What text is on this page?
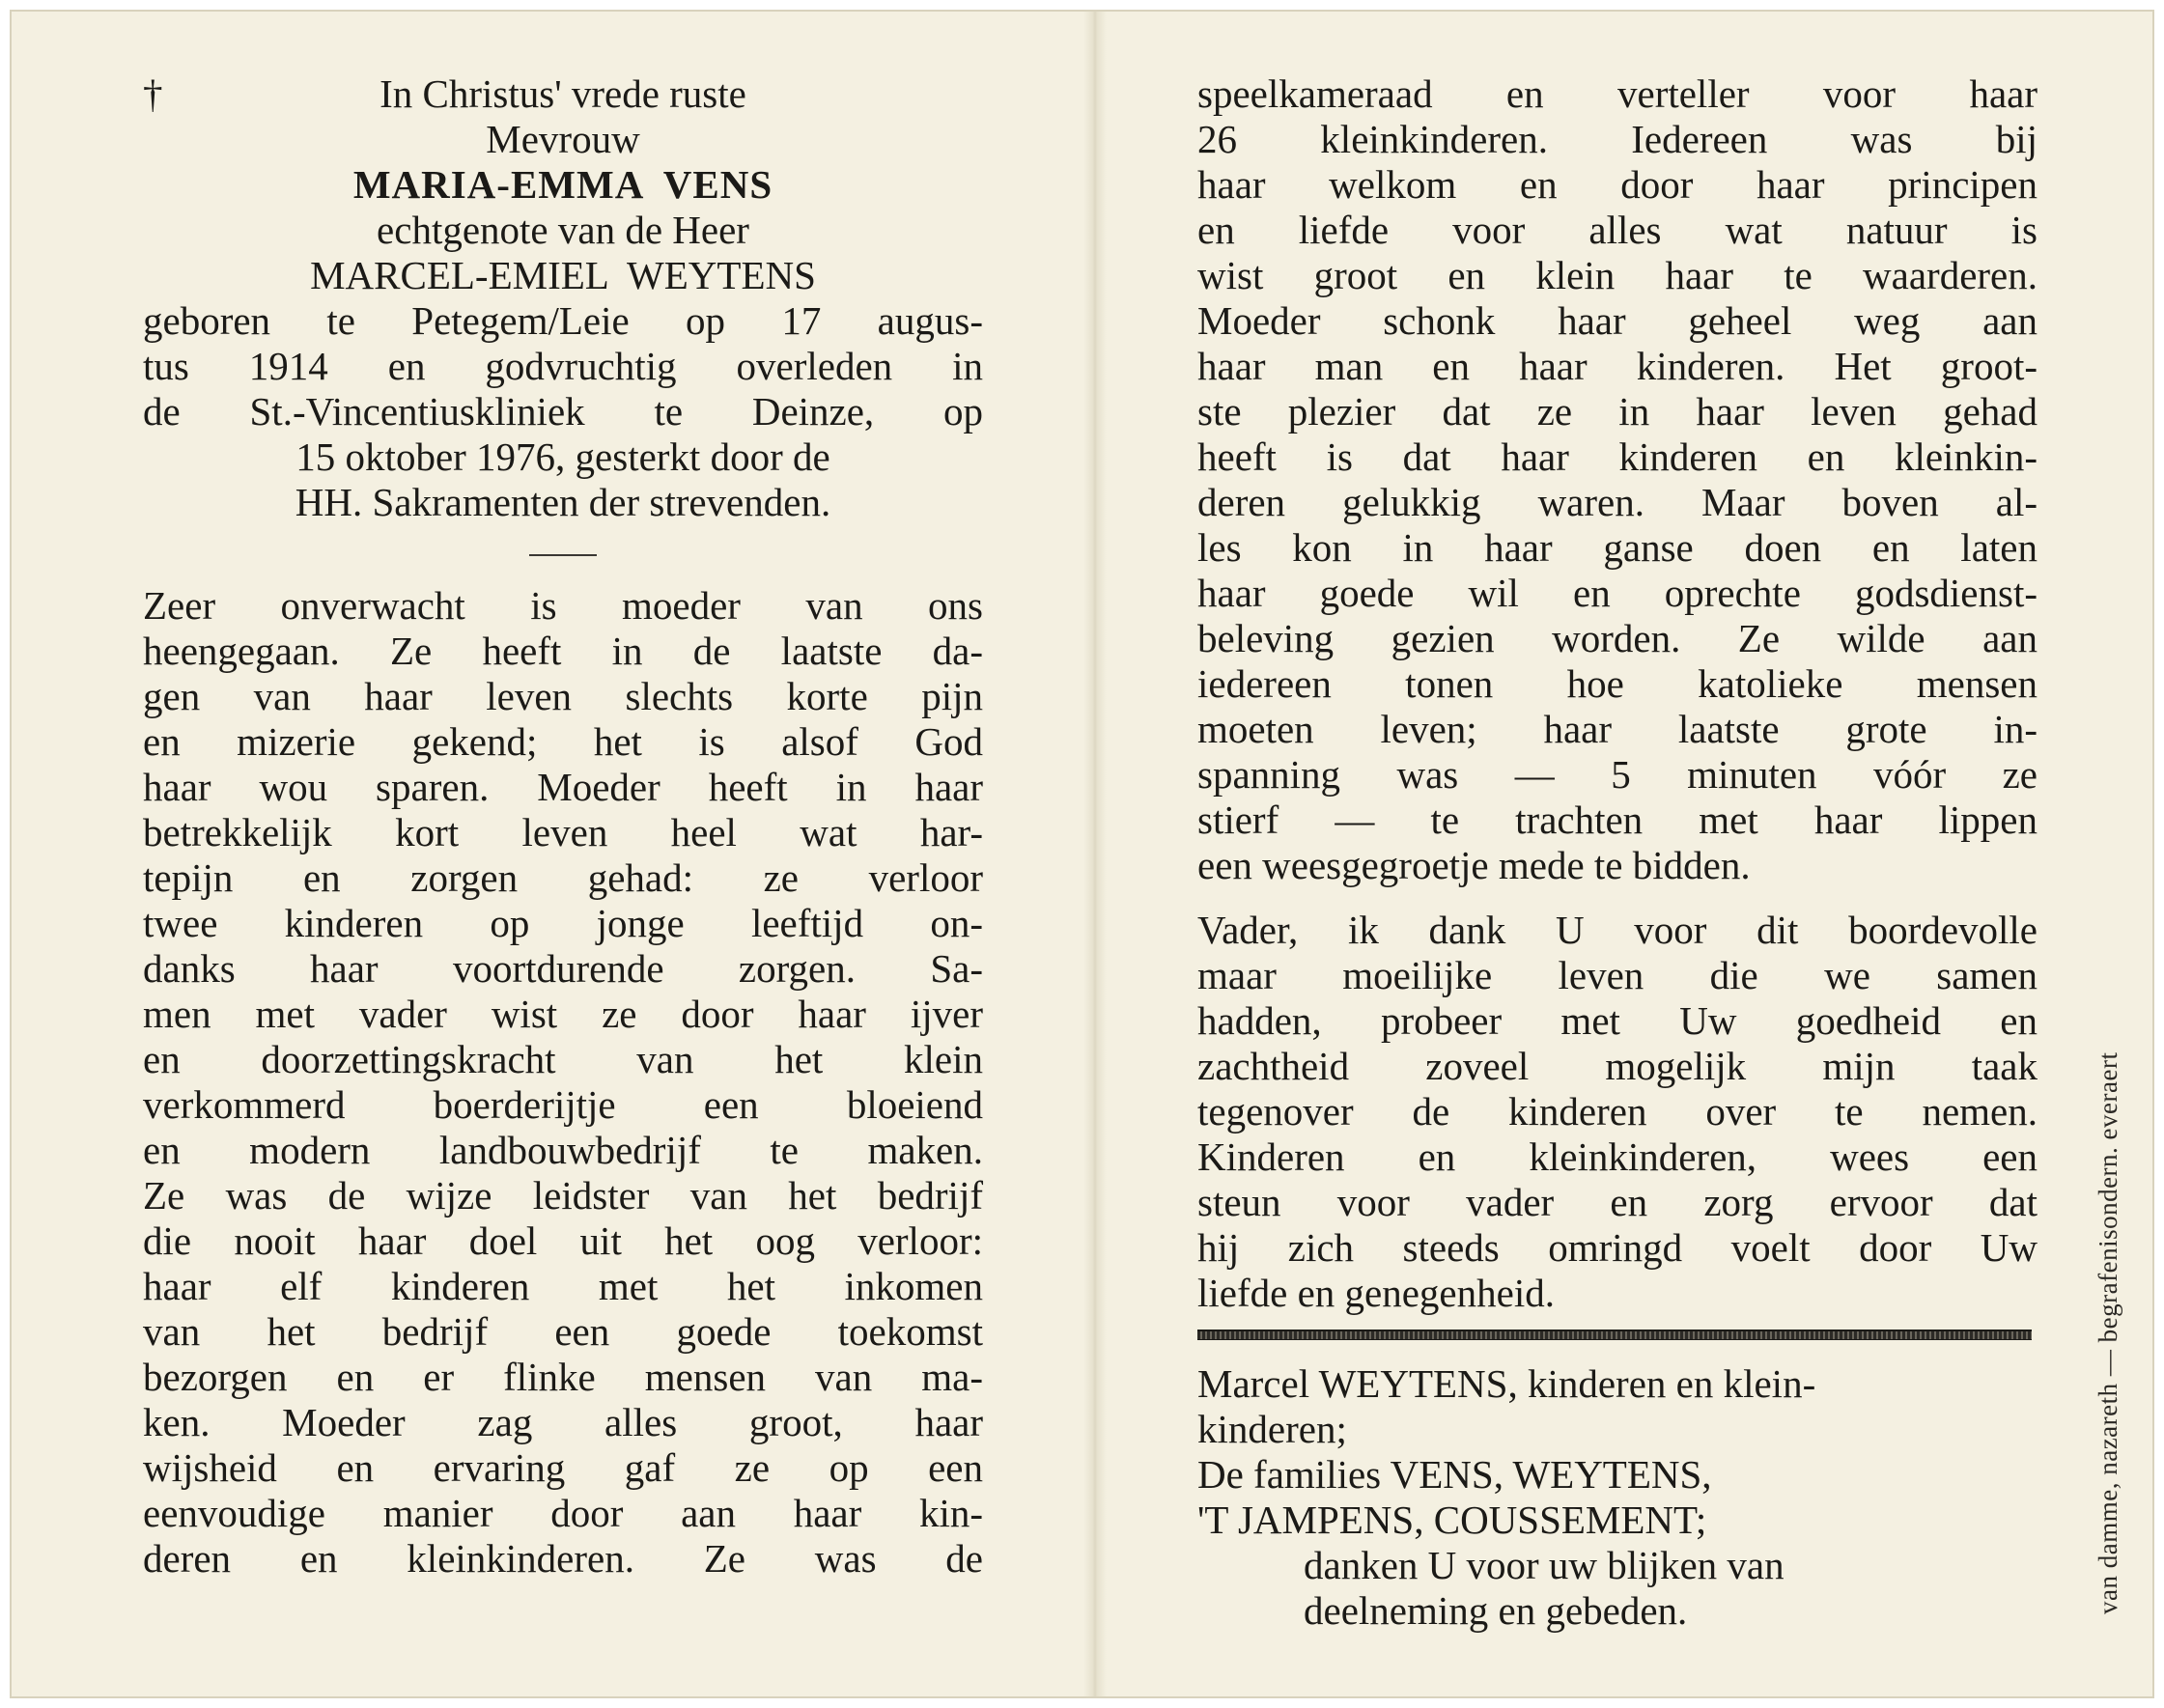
†	In Christus' vrede ruste
Mevrouw
MARIA-EMMA  VENS
echtgenote van de Heer
MARCEL-EMIEL  WEYTENS

geboren te Petegem/Leie op 17 augus-

tus 1914 en godvruchtig overleden in

de St.-Vincentiuskliniek te Deinze, op

15 oktober 1976, gesterkt door de

HH. Sakramenten der strevenden.

Zeer onverwacht is moeder van ons

heengegaan. Ze heeft in de laatste da-

gen van haar leven slechts korte pijn

en mizerie gekend; het is alsof God

haar wou sparen. Moeder heeft in haar

betrekkelijk kort leven heel wat har-

tepijn en zorgen gehad: ze verloor

twee kinderen op jonge leeftijd on-

danks haar voortdurende zorgen. Sa-

men met vader wist ze door haar ijver

en doorzettingskracht van het klein

verkommerd boerderijtje een bloeiend

en modern landbouwbedrijf te maken.

Ze was de wijze leidster van het bedrijf

die nooit haar doel uit het oog verloor:

haar elf kinderen met het inkomen

van het bedrijf een goede toekomst

bezorgen en er flinke mensen van ma-

ken. Moeder zag alles groot, haar

wijsheid en ervaring gaf ze op een

eenvoudige manier door aan haar kin-

deren en kleinkinderen. Ze was de

speelkameraad en verteller voor haar

26 kleinkinderen. Iedereen was bij

haar welkom en door haar principen

en liefde voor alles wat natuur is

wist groot en klein haar te waarderen.

Moeder schonk haar geheel weg aan

haar man en haar kinderen. Het groot-

ste plezier dat ze in haar leven gehad

heeft is dat haar kinderen en kleinkin-

deren gelukkig waren. Maar boven al-

les kon in haar ganse doen en laten

haar goede wil en oprechte godsdienst-

beleving gezien worden. Ze wilde aan

iedereen tonen hoe katolieke mensen

moeten leven; haar laatste grote in-

spanning was — 5 minuten vóór ze

stierf — te trachten met haar lippen

een weesgegroetje mede te bidden.

Vader, ik dank U voor dit boordevolle

maar moeilijke leven die we samen

hadden, probeer met Uw goedheid en

zachtheid zoveel mogelijk mijn taak

tegenover de kinderen over te nemen.

Kinderen en kleinkinderen, wees een

steun voor vader en zorg ervoor dat

hij zich steeds omringd voelt door Uw

liefde en genegenheid.

Marcel WEYTENS, kinderen en klein-

kinderen;

De families VENS, WEYTENS,

'T JAMPENS, COUSSEMENT;

danken U voor uw blijken van

deelneming en gebeden.	van damme, nazareth — begrafenisondern. everaert
